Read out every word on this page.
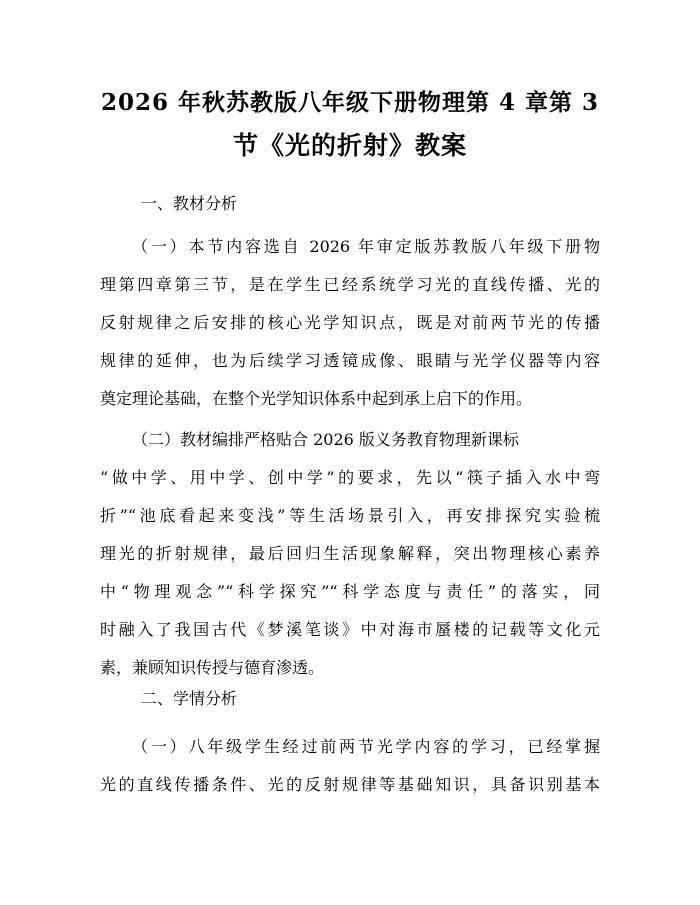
2026 年秋苏教版八年级下册物理第 4 章第 3
节《光的折射》教案
一、教材分析
（一）本节内容选自 2026 年审定版苏教版八年级下册物
理第四章第三节，是在学生已经系统学习光的直线传播、光的
反射规律之后安排的核心光学知识点，既是对前两节光的传播
规律的延伸，也为后续学习透镜成像、眼睛与光学仪器等内容
奠定理论基础，在整个光学知识体系中起到承上启下的作用。
（二）教材编排严格贴合 2026 版义务教育物理新课标
“做中学、用中学、创中学”的要求，先以“筷子插入水中弯
折”“池底看起来变浅”等生活场景引入，再安排探究实验梳
理光的折射规律，最后回归生活现象解释，突出物理核心素养
中“物理观念”“科学探究”“科学态度与责任”的落实，同
时融入了我国古代《梦溪笔谈》中对海市蜃楼的记载等文化元
素，兼顾知识传授与德育渗透。
二、学情分析
（一）八年级学生经过前两节光学内容的学习，已经掌握
光的直线传播条件、光的反射规律等基础知识，具备识别基本
